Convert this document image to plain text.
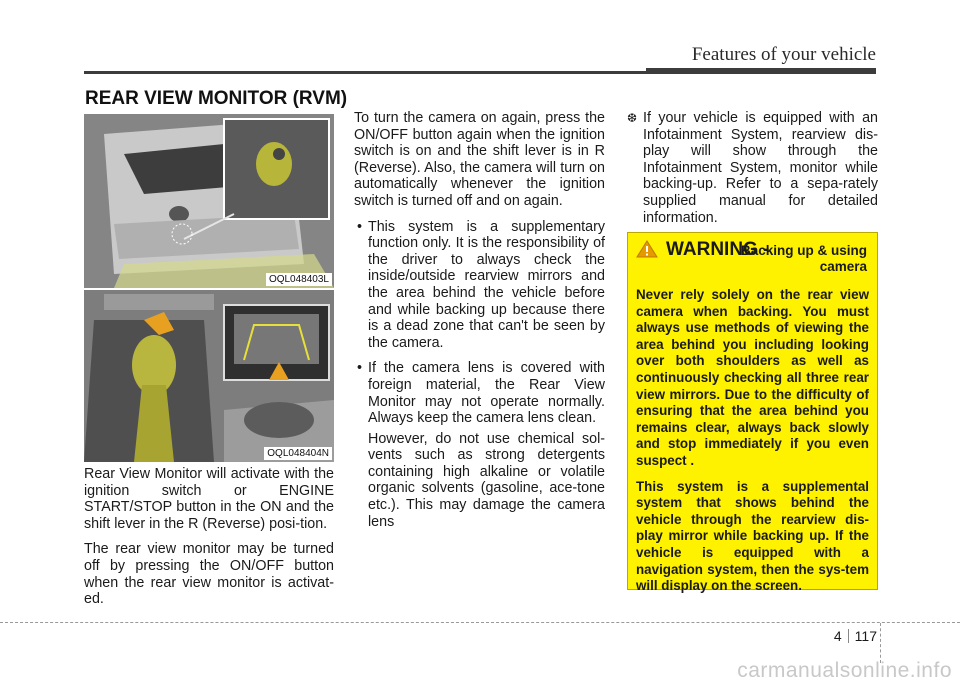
Features of your vehicle
REAR VIEW MONITOR (RVM)
OQL048403L
OQL048404N

Rear View Monitor will activate with the ignition switch or ENGINE START/STOP button in the ON and the shift lever in the R (Reverse) posi-tion.

The rear view monitor may be turned off by pressing the ON/OFF button when the rear view monitor is activat-ed.

To turn the camera on again, press the ON/OFF button again when the ignition switch is on and the shift lever is in R (Reverse). Also, the camera will turn on automatically whenever the ignition switch is turned off and on again.

• This system is a supplementary function only. It is the responsibility of the driver to always check the inside/outside rearview mirrors and the area behind the vehicle before and while backing up because there is a dead zone that can't be seen by the camera.
• If the camera lens is covered with foreign material, the Rear View Monitor may not operate normally. Always keep the camera lens clean.

However, do not use chemical sol-vents such as strong detergents containing high alkaline or volatile organic solvents (gasoline, ace-tone etc.). This may damage the camera lens

❆ If your vehicle is equipped with an Infotainment System, rearview dis-play will show through the Infotainment System, monitor while backing-up. Refer to a sepa-rately supplied manual for detailed information.
WARNING -
Backing up & using camera

Never rely solely on the rear view camera when backing. You must always use methods of viewing the area behind you including looking over both shoulders as well as continuously checking all three rear view mirrors. Due to the difficulty of ensuring that the area behind you remains clear, always back slowly and stop immediately if you even suspect .

This system is a supplemental system that shows behind the vehicle through the rearview dis-play mirror while backing up. If the vehicle is equipped with a navigation system, then the sys-tem will display on the screen.

4 117
carmanualsonline.info
